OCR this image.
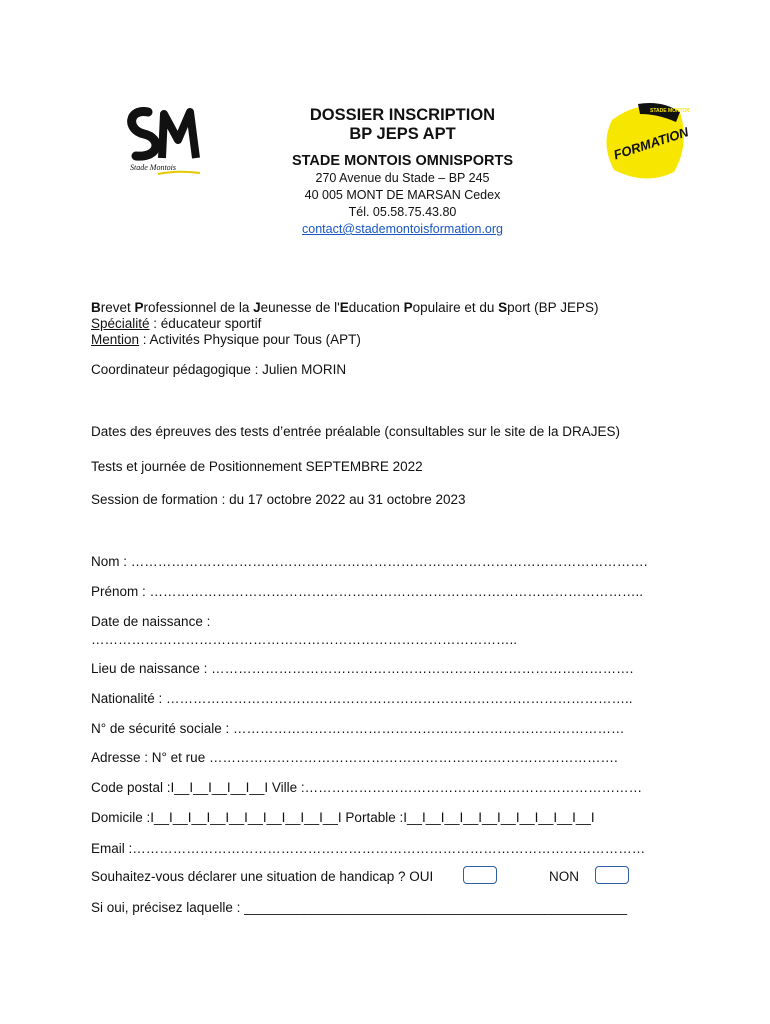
Stade Montois
STADE MONTOIS
FORMATION
DOSSIER INSCRIPTION
BP JEPS APT
STADE MONTOIS OMNISPORTS
270 Avenue du Stade – BP 245
40 005 MONT DE MARSAN Cedex
Tél. 05.58.75.43.80
contact@stademontoisformation.org
Brevet Professionnel de la Jeunesse de l'Education Populaire et du Sport (BP JEPS)
Spécialité : éducateur sportif
Mention : Activités Physique pour Tous (APT)
Coordinateur pédagogique : Julien MORIN
Dates des épreuves des tests d’entrée préalable (consultables sur le site de la DRAJES)
Tests et journée de Positionnement SEPTEMBRE 2022
Session de formation : du 17 octobre 2022 au 31 octobre 2023
Nom : …………………………………………………………………………………………………….
Prénom : ………………………………………………………………………………………………..
Date de naissance :
…………………………………………………………………………………..
Lieu de naissance : ………………………………………………………………………………….
Nationalité : …………………………………………………………………………………………..
N° de sécurité sociale : ……………………………………………………………………………
Adresse : N° et rue ……………………………………………………………………………….
Code postal :I__I__I__I__I__I Ville :…………………………………………………………………
Domicile :I__I__I__I__I__I__I__I__I__I__I Portable :I__I__I__I__I__I__I__I__I__I__I
Email :……………………………………………………………………………………………………
Souhaitez-vous déclarer une situation de handicap ? OUI	NON
Si oui, précisez laquelle : ___________________________________________________
